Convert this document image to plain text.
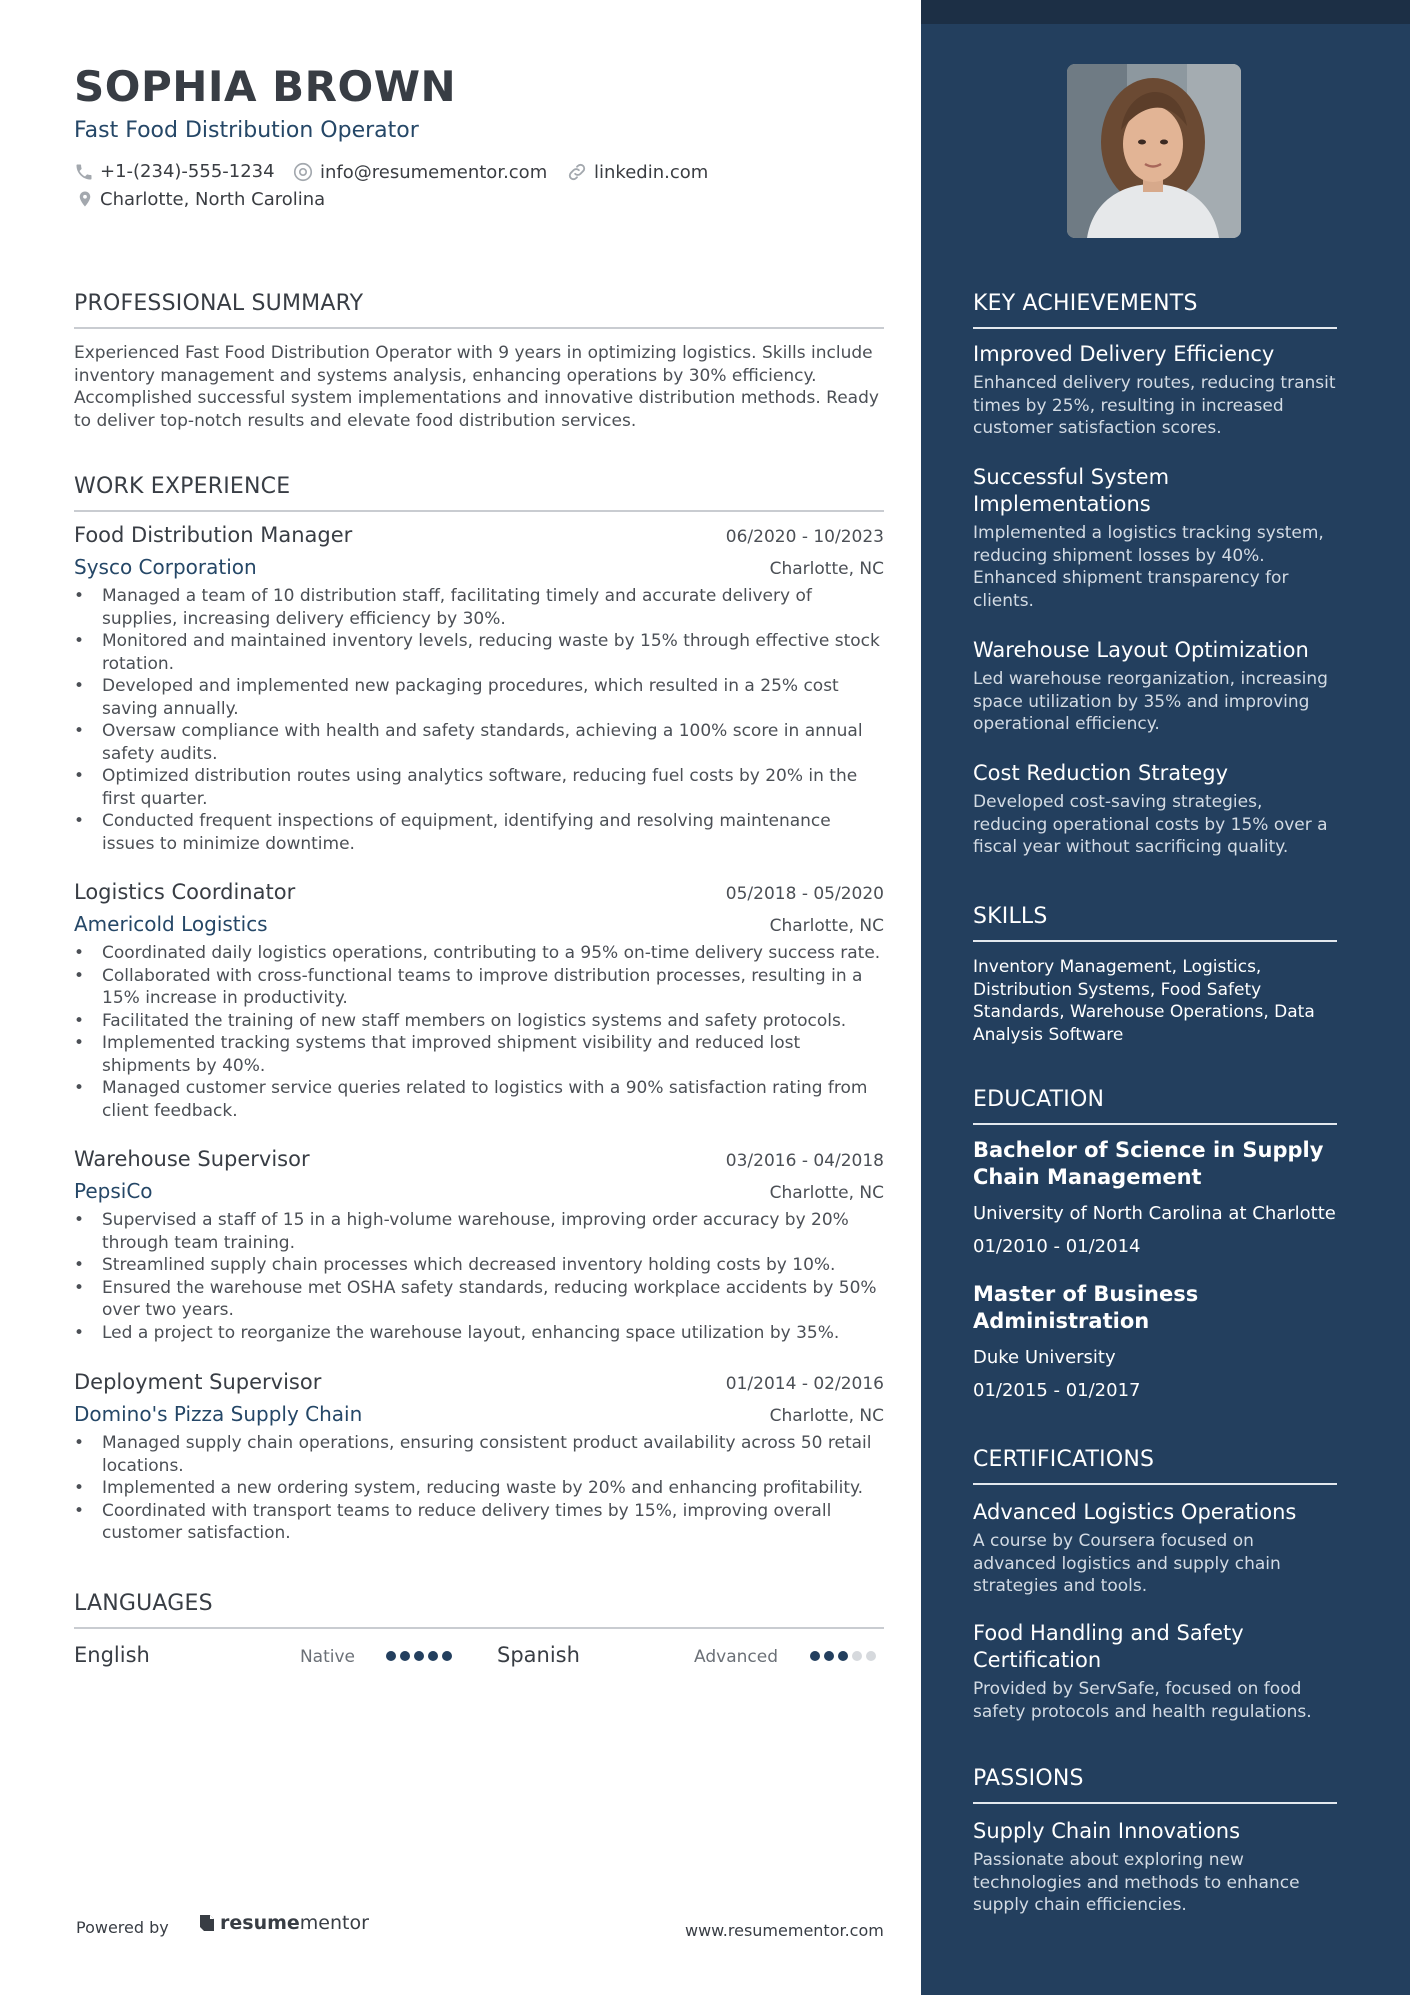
SOPHIA BROWN
Fast Food Distribution Operator
+1-(234)-555-1234	info@resumementor.com	linkedin.com
Charlotte, North Carolina
PROFESSIONAL SUMMARY

Experienced Fast Food Distribution Operator with 9 years in optimizing logistics. Skills include inventory management and systems analysis, enhancing operations by 30% efficiency. Accomplished successful system implementations and innovative distribution methods. Ready to deliver top-notch results and elevate food distribution services.

WORK EXPERIENCE
Food Distribution Manager	06/2020 - 10/2023
Sysco Corporation	Charlotte, NC
• Managed a team of 10 distribution staff, facilitating timely and accurate delivery of supplies, increasing delivery efficiency by 30%.
• Monitored and maintained inventory levels, reducing waste by 15% through effective stock rotation.
• Developed and implemented new packaging procedures, which resulted in a 25% cost saving annually.
• Oversaw compliance with health and safety standards, achieving a 100% score in annual safety audits.
• Optimized distribution routes using analytics software, reducing fuel costs by 20% in the first quarter.
• Conducted frequent inspections of equipment, identifying and resolving maintenance issues to minimize downtime.
Logistics Coordinator	05/2018 - 05/2020
Americold Logistics	Charlotte, NC
• Coordinated daily logistics operations, contributing to a 95% on-time delivery success rate.
• Collaborated with cross-functional teams to improve distribution processes, resulting in a 15% increase in productivity.
• Facilitated the training of new staff members on logistics systems and safety protocols.
• Implemented tracking systems that improved shipment visibility and reduced lost shipments by 40%.
• Managed customer service queries related to logistics with a 90% satisfaction rating from client feedback.
Warehouse Supervisor	03/2016 - 04/2018
PepsiCo	Charlotte, NC
• Supervised a staff of 15 in a high-volume warehouse, improving order accuracy by 20% through team training.
• Streamlined supply chain processes which decreased inventory holding costs by 10%.
• Ensured the warehouse met OSHA safety standards, reducing workplace accidents by 50% over two years.
• Led a project to reorganize the warehouse layout, enhancing space utilization by 35%.
Deployment Supervisor	01/2014 - 02/2016
Domino's Pizza Supply Chain	Charlotte, NC
• Managed supply chain operations, ensuring consistent product availability across 50 retail locations.
• Implemented a new ordering system, reducing waste by 20% and enhancing profitability.
• Coordinated with transport teams to reduce delivery times by 15%, improving overall customer satisfaction.
LANGUAGES
English	Native	Spanish	Advanced
Powered by	resume mentor	www.resumementor.com
KEY ACHIEVEMENTS

Improved Delivery Efficiency

Enhanced delivery routes, reducing transit times by 25%, resulting in increased customer satisfaction scores.

Successful System Implementations

Implemented a logistics tracking system, reducing shipment losses by 40%. Enhanced shipment transparency for clients.

Warehouse Layout Optimization

Led warehouse reorganization, increasing space utilization by 35% and improving operational efficiency.

Cost Reduction Strategy

Developed cost-saving strategies, reducing operational costs by 15% over a fiscal year without sacrificing quality.

SKILLS

Inventory Management, Logistics, Distribution Systems, Food Safety Standards, Warehouse Operations, Data Analysis Software

EDUCATION

Bachelor of Science in Supply Chain Management

University of North Carolina at Charlotte

01/2010 - 01/2014

Master of Business Administration

Duke University

01/2015 - 01/2017

CERTIFICATIONS

Advanced Logistics Operations

A course by Coursera focused on advanced logistics and supply chain strategies and tools.

Food Handling and Safety Certification

Provided by ServSafe, focused on food safety protocols and health regulations.

PASSIONS

Supply Chain Innovations

Passionate about exploring new technologies and methods to enhance supply chain efficiencies.
